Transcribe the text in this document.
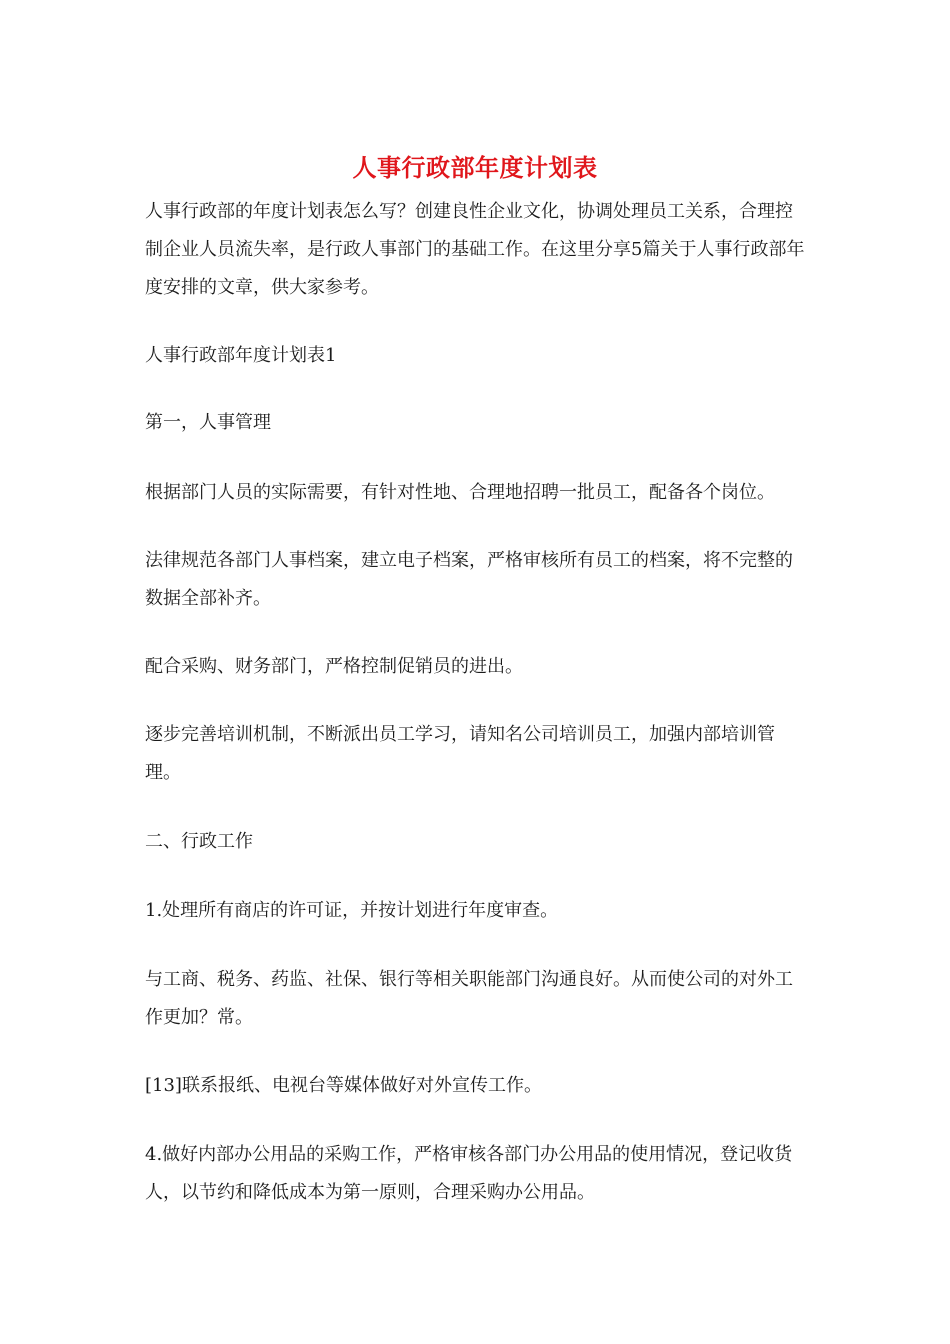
人事行政部年度计划表

人事行政部的年度计划表怎么写？创建良性企业文化，协调处理员工关系，合理控制企业人员流失率，是行政人事部门的基础工作。在这里分享5篇关于人事行政部年度安排的文章，供大家参考。

人事行政部年度计划表1

第一，人事管理

根据部门人员的实际需要，有针对性地、合理地招聘一批员工，配备各个岗位。

法律规范各部门人事档案，建立电子档案，严格审核所有员工的档案，将不完整的数据全部补齐。

配合采购、财务部门，严格控制促销员的进出。

逐步完善培训机制，不断派出员工学习，请知名公司培训员工，加强内部培训管理。

二、行政工作

1.处理所有商店的许可证，并按计划进行年度审查。

与工商、税务、药监、社保、银行等相关职能部门沟通良好。从而使公司的对外工作更加？常。

[13]联系报纸、电视台等媒体做好对外宣传工作。

4.做好内部办公用品的采购工作，严格审核各部门办公用品的使用情况，登记收货人，以节约和降低成本为第一原则，合理采购办公用品。
